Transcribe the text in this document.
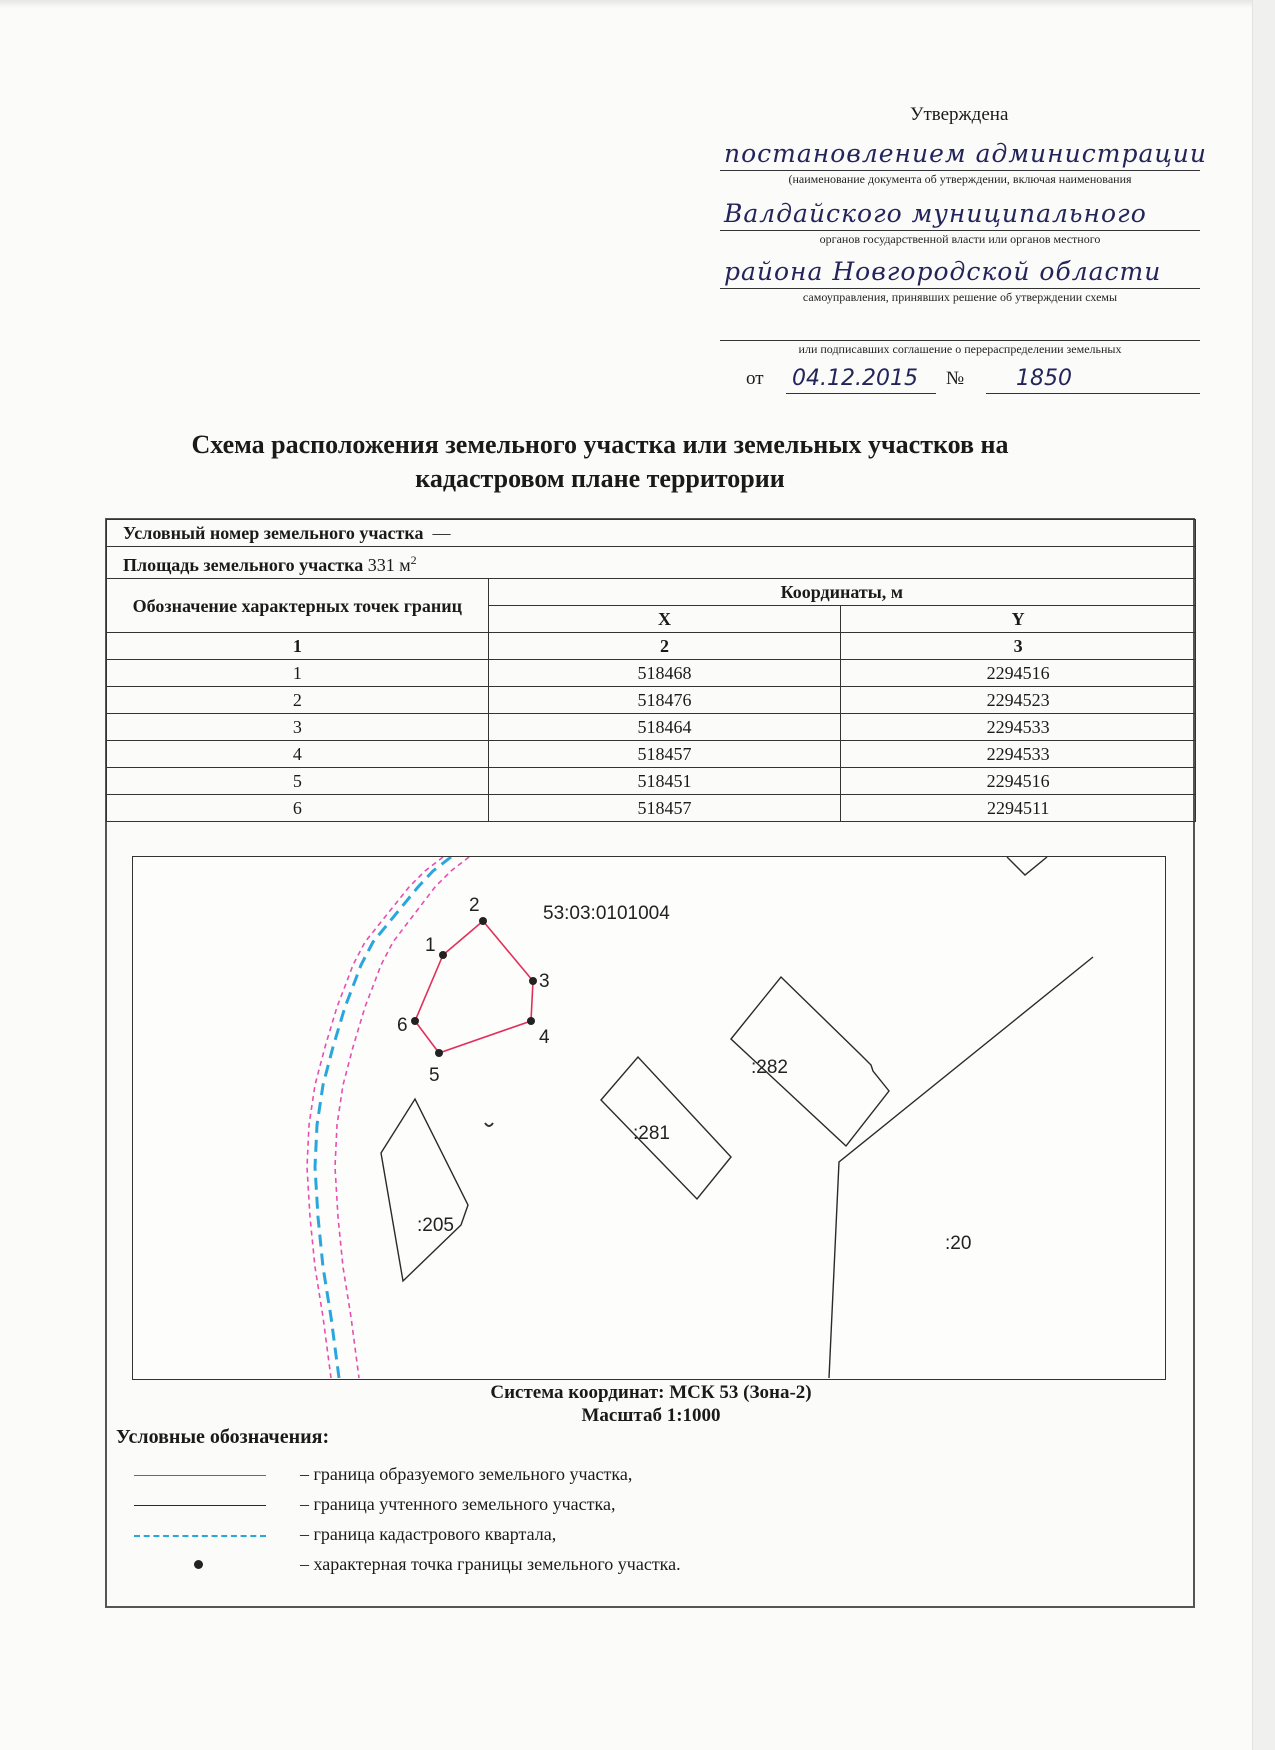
Утверждена
постановлением администрации
(наименование документа об утверждении, включая наименования
Валдайского муниципального
органов государственной власти или органов местного
района Новгородской области
самоуправления, принявших решение об утверждении схемы
или подписавших соглашение о перераспределении земельных
от 04.12.2015 № 1850
Схема расположения земельного участка или земельных участков на
кадастровом плане территории
Условный номер земельного участка —		
Площадь земельного участка 331 $м^2$
Обозначение характерных точек границ	Координаты, м	
	X	Y
1	2	3
1	518468	2294516
2	518476	2294523
3	518464	2294533
4	518457	2294533
5	518451	2294516
6	518457	2294511
53:03:0101004
:282
:281
:205
:20
1
2
3
4
5
6
Система координат: МСК 53 (Зона-2)
Масштаб 1:1000
Условные обозначения:
– граница образуемого земельного участка,
– граница учтенного земельного участка,
– граница кадастрового квартала,
– характерная точка границы земельного участка.
